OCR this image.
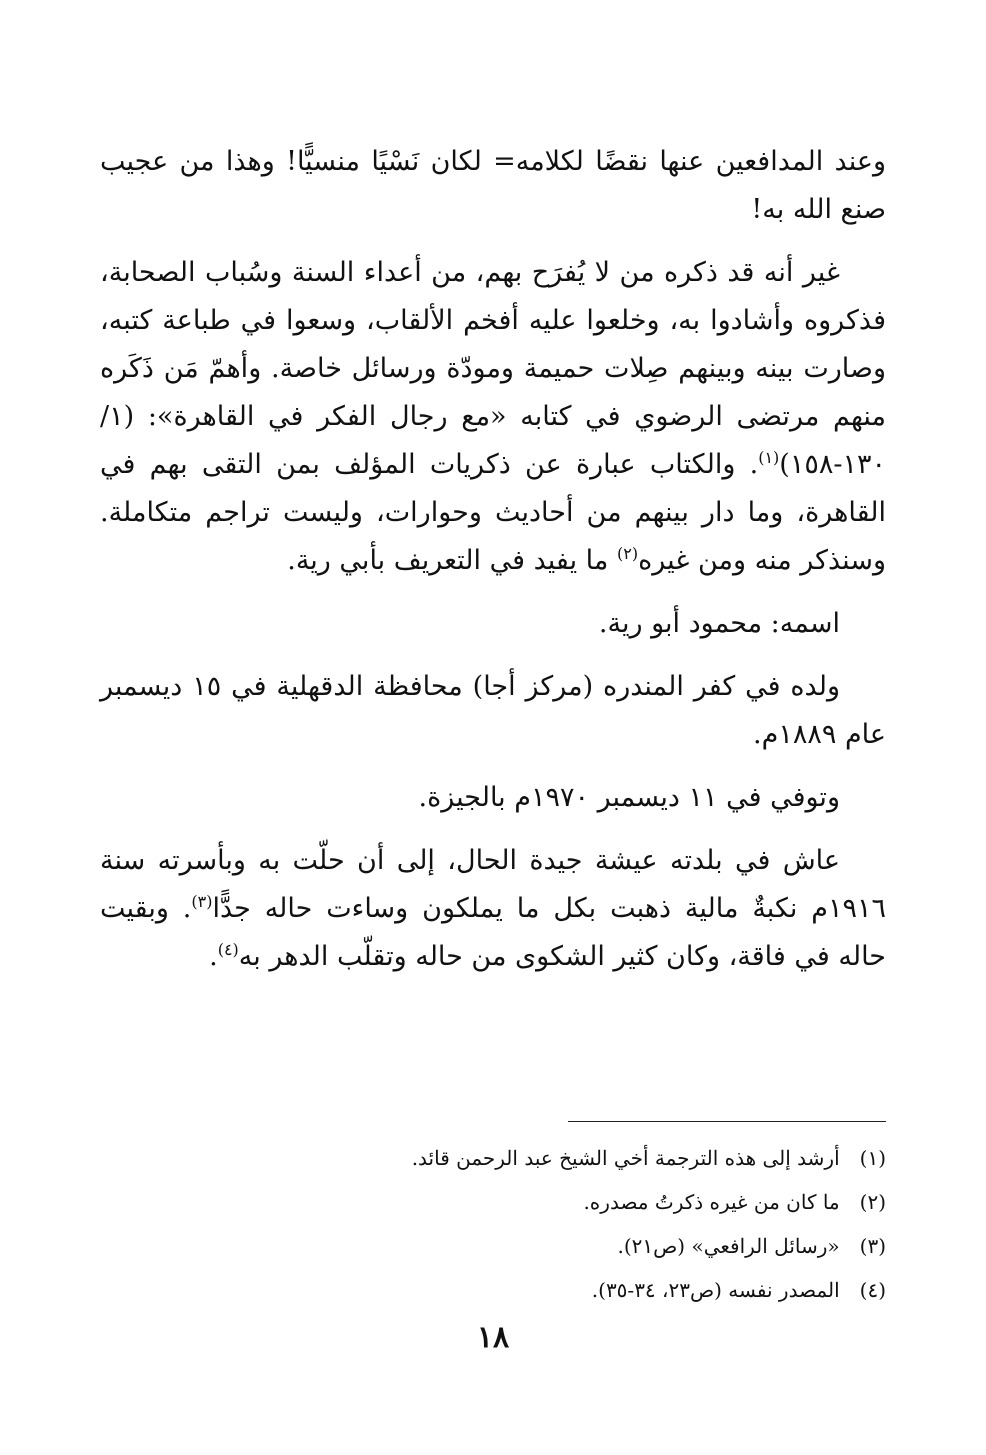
وعند المدافعين عنها نقضًا لكلامه= لكان نَسْيًا منسيًّا! وهذا من عجيب صنع الله به!

غير أنه قد ذكره من لا يُفرَح بهم، من أعداء السنة وسُباب الصحابة، فذكروه وأشادوا به، وخلعوا عليه أفخم الألقاب، وسعوا في طباعة كتبه، وصارت بينه وبينهم صِلات حميمة ومودّة ورسائل خاصة. وأهمّ مَن ذَكَره منهم مرتضى الرضوي في كتابه «مع رجال الفكر في القاهرة»: (١/ ١٣٠-١٥٨)$^{(١)}$. والكتاب عبارة عن ذكريات المؤلف بمن التقى بهم في القاهرة، وما دار بينهم من أحاديث وحوارات، وليست تراجم متكاملة. وسنذكر منه ومن غيره$^{(٢)}$ ما يفيد في التعريف بأبي رية.

اسمه: محمود أبو رية.

ولده في كفر المندره (مركز أجا) محافظة الدقهلية في ١٥ ديسمبر عام ١٨٨٩م.

وتوفي في ١١ ديسمبر ١٩٧٠م بالجيزة.

عاش في بلدته عيشة جيدة الحال، إلى أن حلّت به وبأسرته سنة ١٩١٦م نكبةٌ مالية ذهبت بكل ما يملكون وساءت حاله جدًّا$^{(٣)}$. وبقيت حاله في فاقة، وكان كثير الشكوى من حاله وتقلّب الدهر به$^{(٤)}$.

(١) أرشد إلى هذه الترجمة أخي الشيخ عبد الرحمن قائد.
(٢) ما كان من غيره ذكرتُ مصدره.
(٣) «رسائل الرافعي» (ص٢١).
(٤) المصدر نفسه (ص٢٣، ٣٤-٣٥).
١٨
